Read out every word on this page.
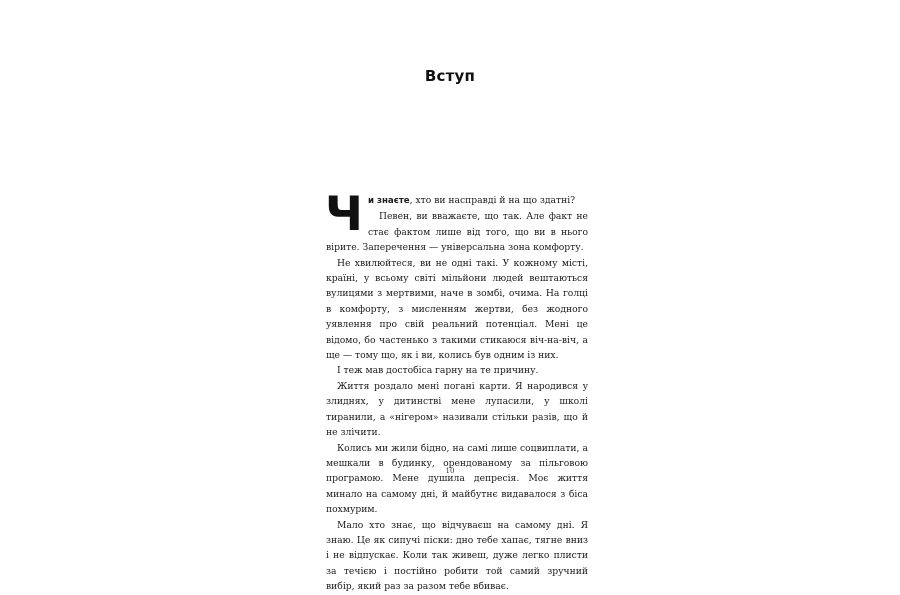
Вступ

Чи знаєте, хто ви насправді й на що здатні?

Певен, ви вважаєте, що так. Але факт не стає фактом лише від того, що ви в нього вірите. Заперечення — універсальна зона комфорту.

Не хвилюйтеся, ви не одні такі. У кожному місті, країні, у всьому світі мільйони людей вештаються вулицями з мертвими, наче в зомбі, очима. На голці в комфорту, з мисленням жертви, без жодного уявлення про свій реальний потенціал. Мені це відомо, бо частенько з такими стикаюся віч-на-віч, а ще — тому що, як і ви, колись був одним із них.

І теж мав достобіса гарну на те причину.

Життя роздало мені погані карти. Я народився у злиднях, у дитинстві мене лупасили, у школі тиранили, а «нігером» називали стільки разів, що й не злічити.

Колись ми жили бідно, на самі лише соцвиплати, а мешкали в будинку, орендованому за пільговою програмою. Мене душила депресія. Моє життя минало на самому дні, й майбутнє видавалося з біса похмурим.

Мало хто знає, що відчуваєш на самому дні. Я знаю. Це як сипучі піски: дно тебе хапає, тягне вниз і не відпускає. Коли так живеш, дуже легко плисти за течією і постійно робити той самий зручний вибір, який раз за разом тебе вбиває.

10
